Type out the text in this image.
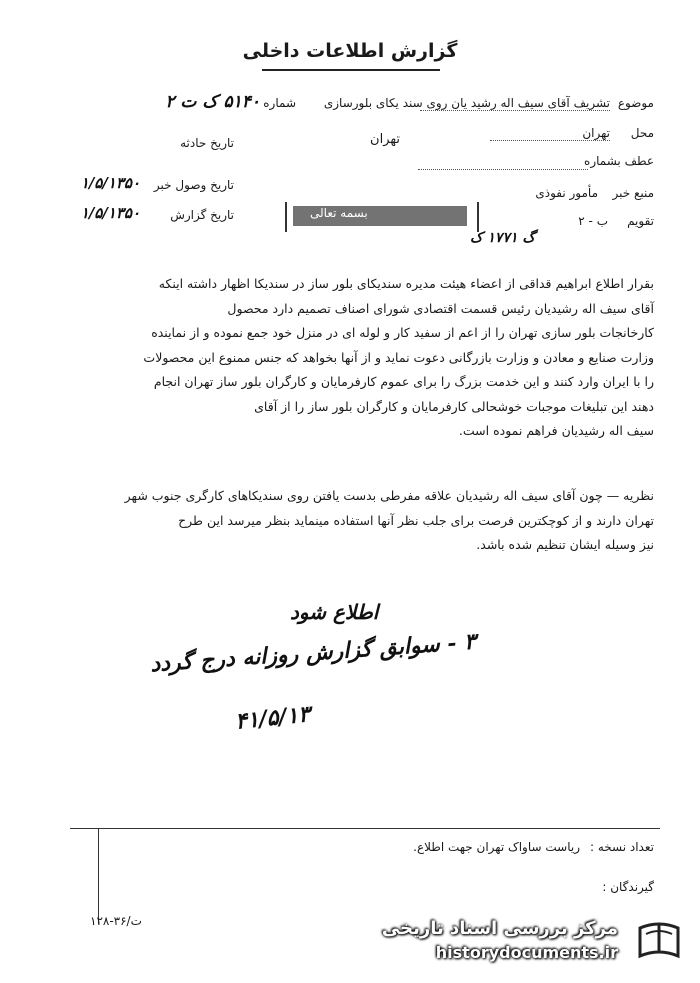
گزارش اطلاعات داخلی
موضوع
تشریف آقای سیف اله رشید یان روی سند یکای بلورسازی
شماره
۵۱۴۰ ک ت ۲
محل
تهران
تهران
تاریخ حادثه
عطف بشماره
تاریخ وصول خبر
۱/۵/۱۳۵۰
منبع خبر
مأمور نفوذی
تاریخ گزارش
۱/۵/۱۳۵۰	تقویم
ب - ۲
بسمه تعالی
گ ۱۷۷۱ ک

بقرار اطلاع ابراهیم قداقی از اعضاء هیئت مدیره سندیکای بلور ساز در سندیکا اظهار داشته اینکه

آقای سیف اله رشیدیان رئیس قسمت اقتصادی شورای اصناف تصمیم دارد محصول

کارخانجات بلور سازی تهران را از اعم از سفید کار و لوله ای در منزل خود جمع نموده و از نماینده

وزارت صنایع و معادن و وزارت بازرگانی دعوت نماید و از آنها بخواهد که جنس ممنوع این محصولات

را با ایران وارد کنند و این خدمت بزرگ را برای عموم کارفرمایان و کارگران بلور ساز تهران انجام

دهند این تبلیغات موجبات خوشحالی کارفرمایان و کارگران بلور ساز را از آقای

سیف اله رشیدیان فراهم نموده است.

نظریه — چون آقای سیف اله رشیدیان علاقه مفرطی بدست یافتن روی سندیکاهای کارگری جنوب شهر

تهران دارند و از کوچکترین فرصت برای جلب نظر آنها استفاده مینماید بنظر میرسد این طرح

نیز وسیله ایشان تنظیم شده باشد.

اطلاع شود
۳ - سوابق گزارش روزانه درج گردد
۴۱/۵/۱۳
تعداد نسخه :
ریاست ساواک تهران جهت اطلاع.
گیرندگان :
۱۲۸-۳۶/ت	مرکز بررسی اسناد تاریخی
historydocuments.ir
